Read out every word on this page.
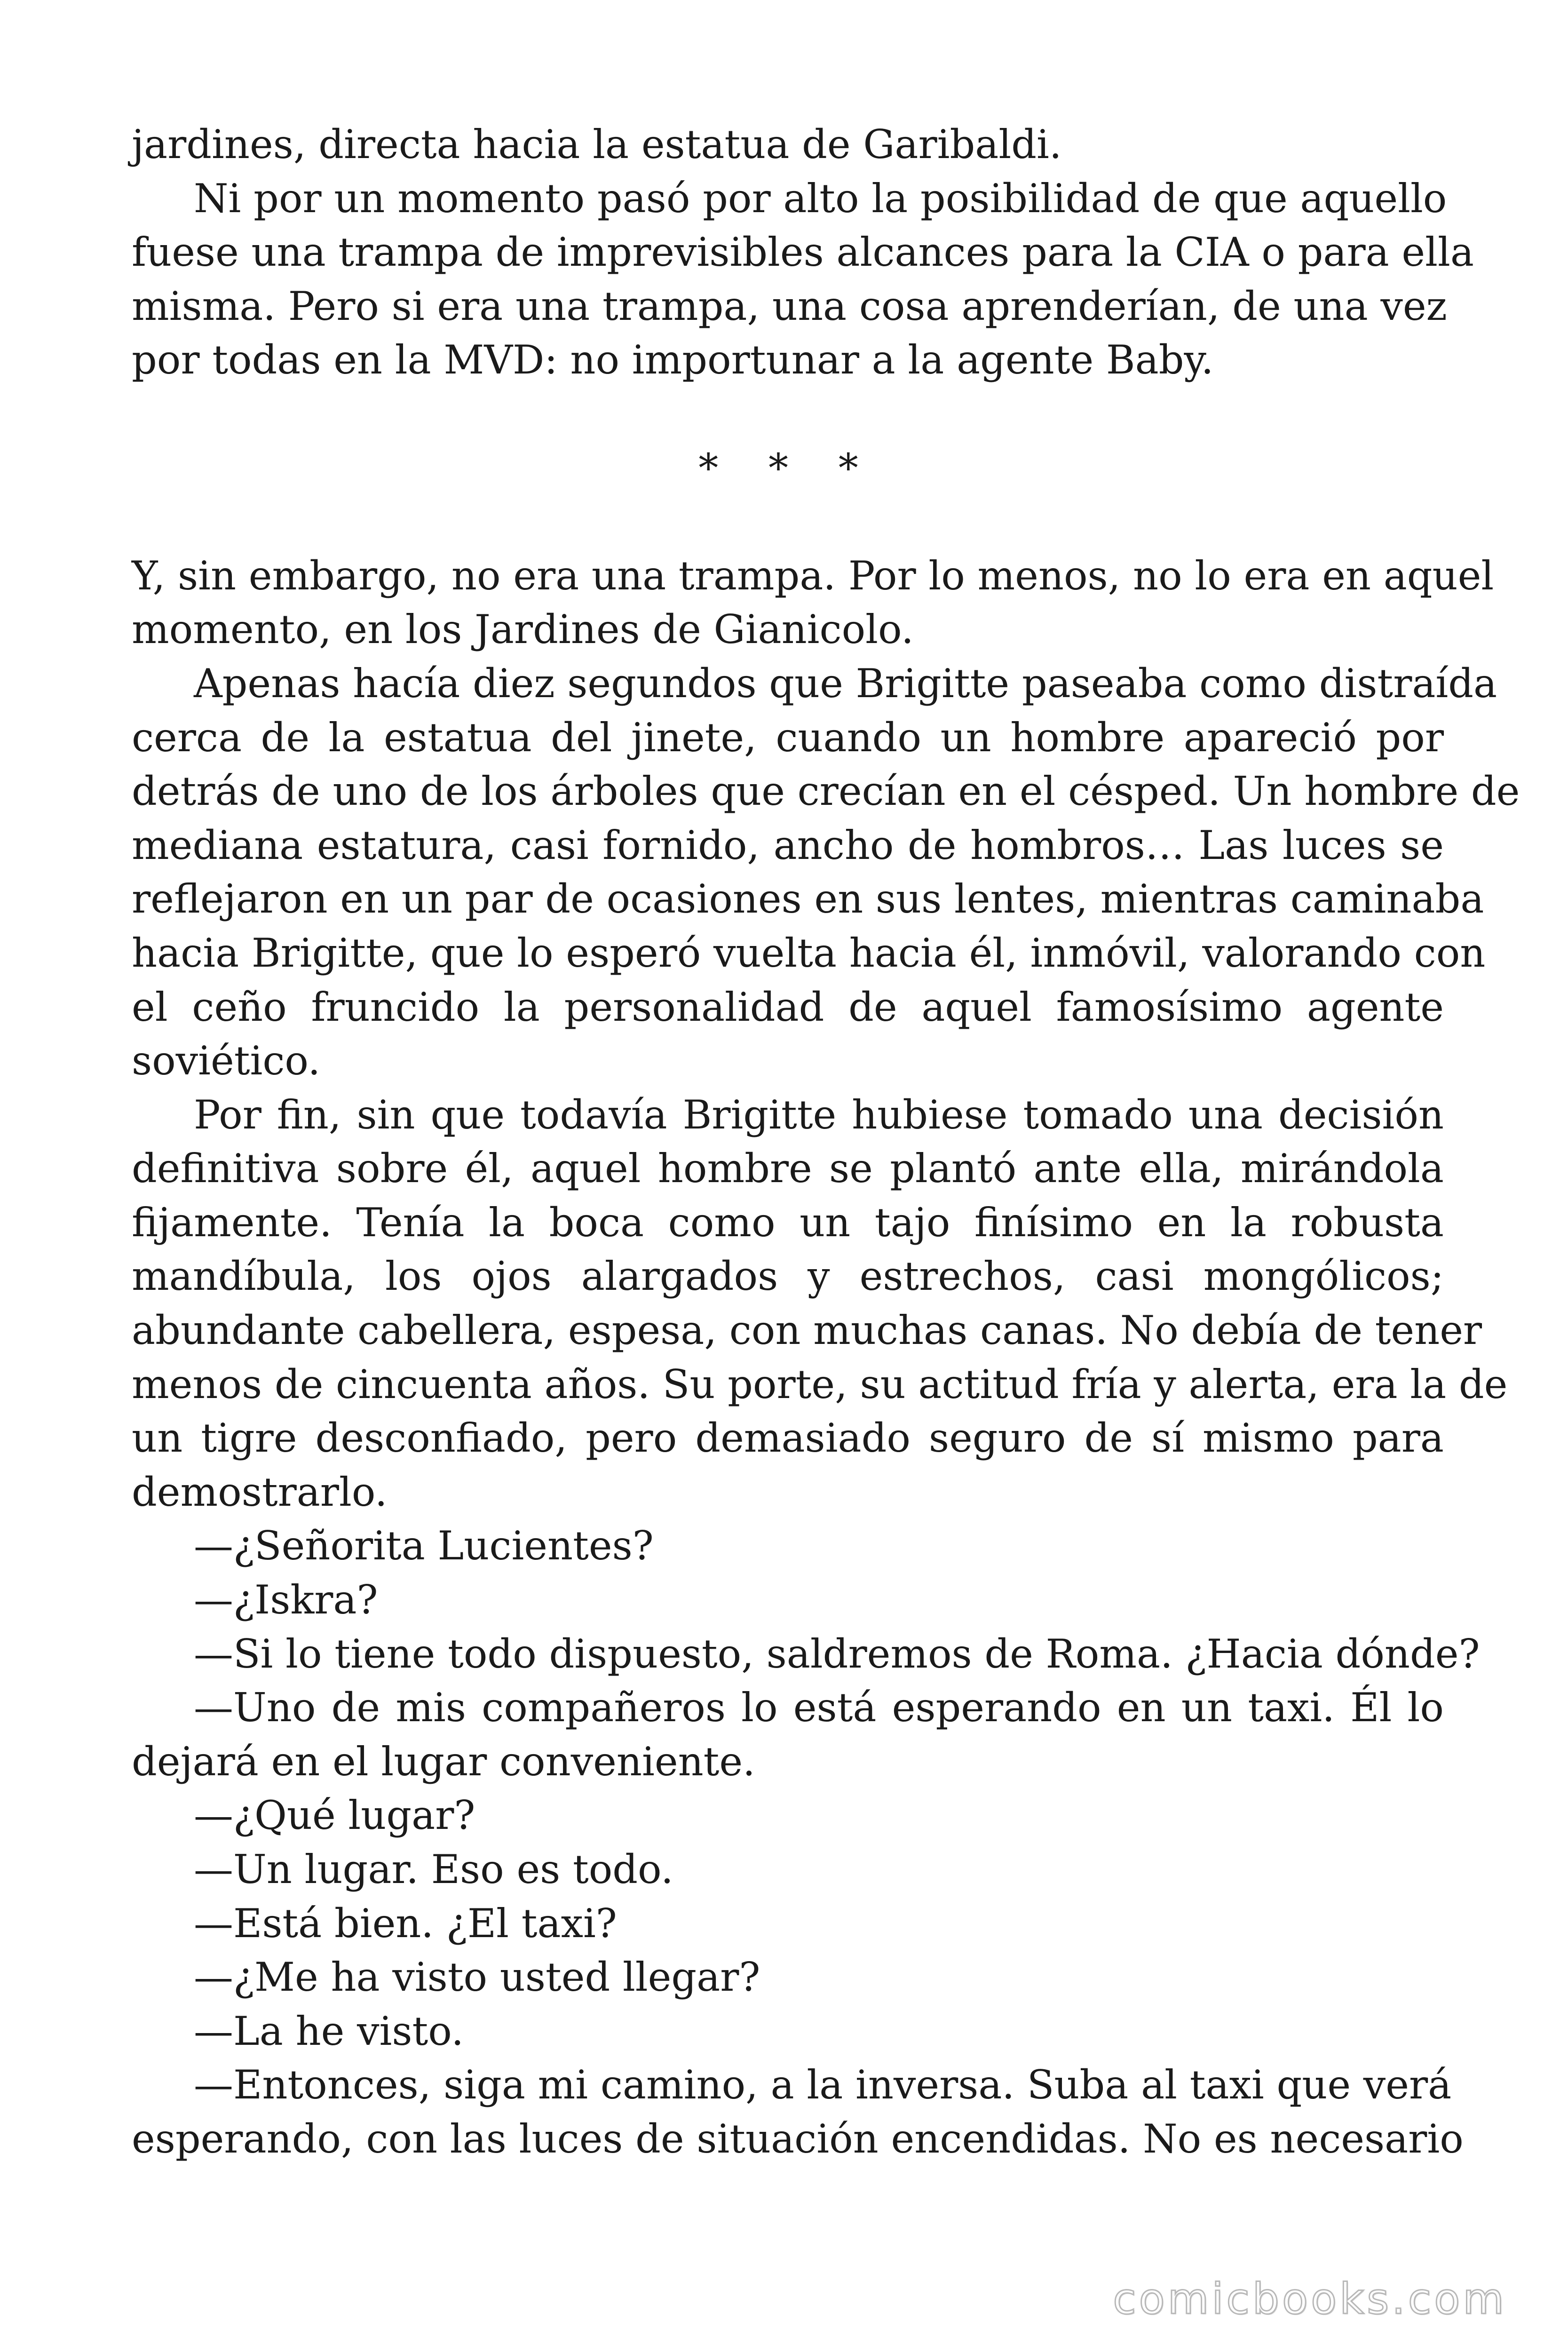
jardines, directa hacia la estatua de Garibaldi.
Ni por un momento pasó por alto la posibilidad de que aquello
fuese una trampa de imprevisibles alcances para la CIA o para ella
misma. Pero si era una trampa, una cosa aprenderían, de una vez
por todas en la MVD: no importunar a la agente Baby.
* * *
Y, sin embargo, no era una trampa. Por lo menos, no lo era en aquel
momento, en los Jardines de Gianicolo.
Apenas hacía diez segundos que Brigitte paseaba como distraída
cerca de la estatua del jinete, cuando un hombre apareció por
detrás de uno de los árboles que crecían en el césped. Un hombre de
mediana estatura, casi fornido, ancho de hombros… Las luces se
reflejaron en un par de ocasiones en sus lentes, mientras caminaba
hacia Brigitte, que lo esperó vuelta hacia él, inmóvil, valorando con
el ceño fruncido la personalidad de aquel famosísimo agente
soviético.
Por fin, sin que todavía Brigitte hubiese tomado una decisión
definitiva sobre él, aquel hombre se plantó ante ella, mirándola
fijamente. Tenía la boca como un tajo finísimo en la robusta
mandíbula, los ojos alargados y estrechos, casi mongólicos;
abundante cabellera, espesa, con muchas canas. No debía de tener
menos de cincuenta años. Su porte, su actitud fría y alerta, era la de
un tigre desconfiado, pero demasiado seguro de sí mismo para
demostrarlo.
—¿Señorita Lucientes?
—¿Iskra?
—Si lo tiene todo dispuesto, saldremos de Roma. ¿Hacia dónde?
—Uno de mis compañeros lo está esperando en un taxi. Él lo
dejará en el lugar conveniente.
—¿Qué lugar?
—Un lugar. Eso es todo.
—Está bien. ¿El taxi?
—¿Me ha visto usted llegar?
—La he visto.
—Entonces, siga mi camino, a la inversa. Suba al taxi que verá
esperando, con las luces de situación encendidas. No es necesario
comicbooks.com
